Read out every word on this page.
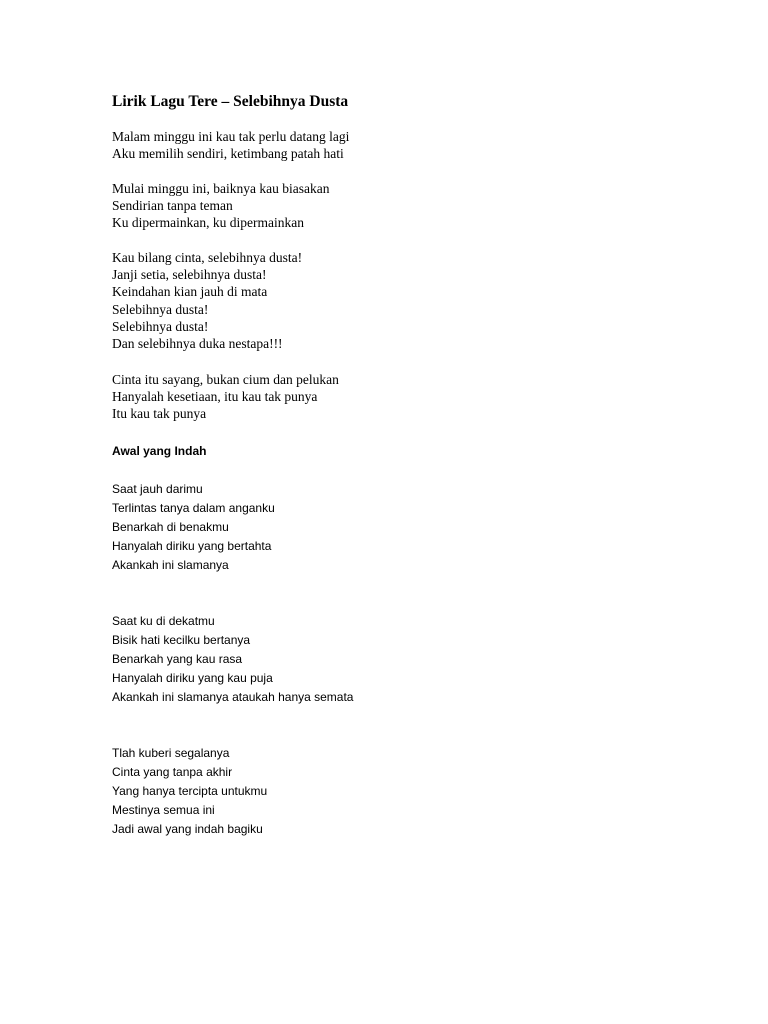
Lirik Lagu Tere – Selebihnya Dusta

Malam minggu ini kau tak perlu datang lagi
Aku memilih sendiri, ketimbang patah hati

Mulai minggu ini, baiknya kau biasakan
Sendirian tanpa teman
Ku dipermainkan, ku dipermainkan

Kau bilang cinta, selebihnya dusta!
Janji setia, selebihnya dusta!
Keindahan kian jauh di mata
Selebihnya dusta!
Selebihnya dusta!
Dan selebihnya duka nestapa!!!

Cinta itu sayang, bukan cium dan pelukan
Hanyalah kesetiaan, itu kau tak punya
Itu kau tak punya

Awal yang Indah

Saat jauh darimu
Terlintas tanya dalam anganku
Benarkah di benakmu
Hanyalah diriku yang bertahta
Akankah ini slamanya

Saat ku di dekatmu
Bisik hati kecilku bertanya
Benarkah yang kau rasa
Hanyalah diriku yang kau puja
Akankah ini slamanya ataukah hanya semata

Tlah kuberi segalanya
Cinta yang tanpa akhir
Yang hanya tercipta untukmu
Mestinya semua ini
Jadi awal yang indah bagiku
